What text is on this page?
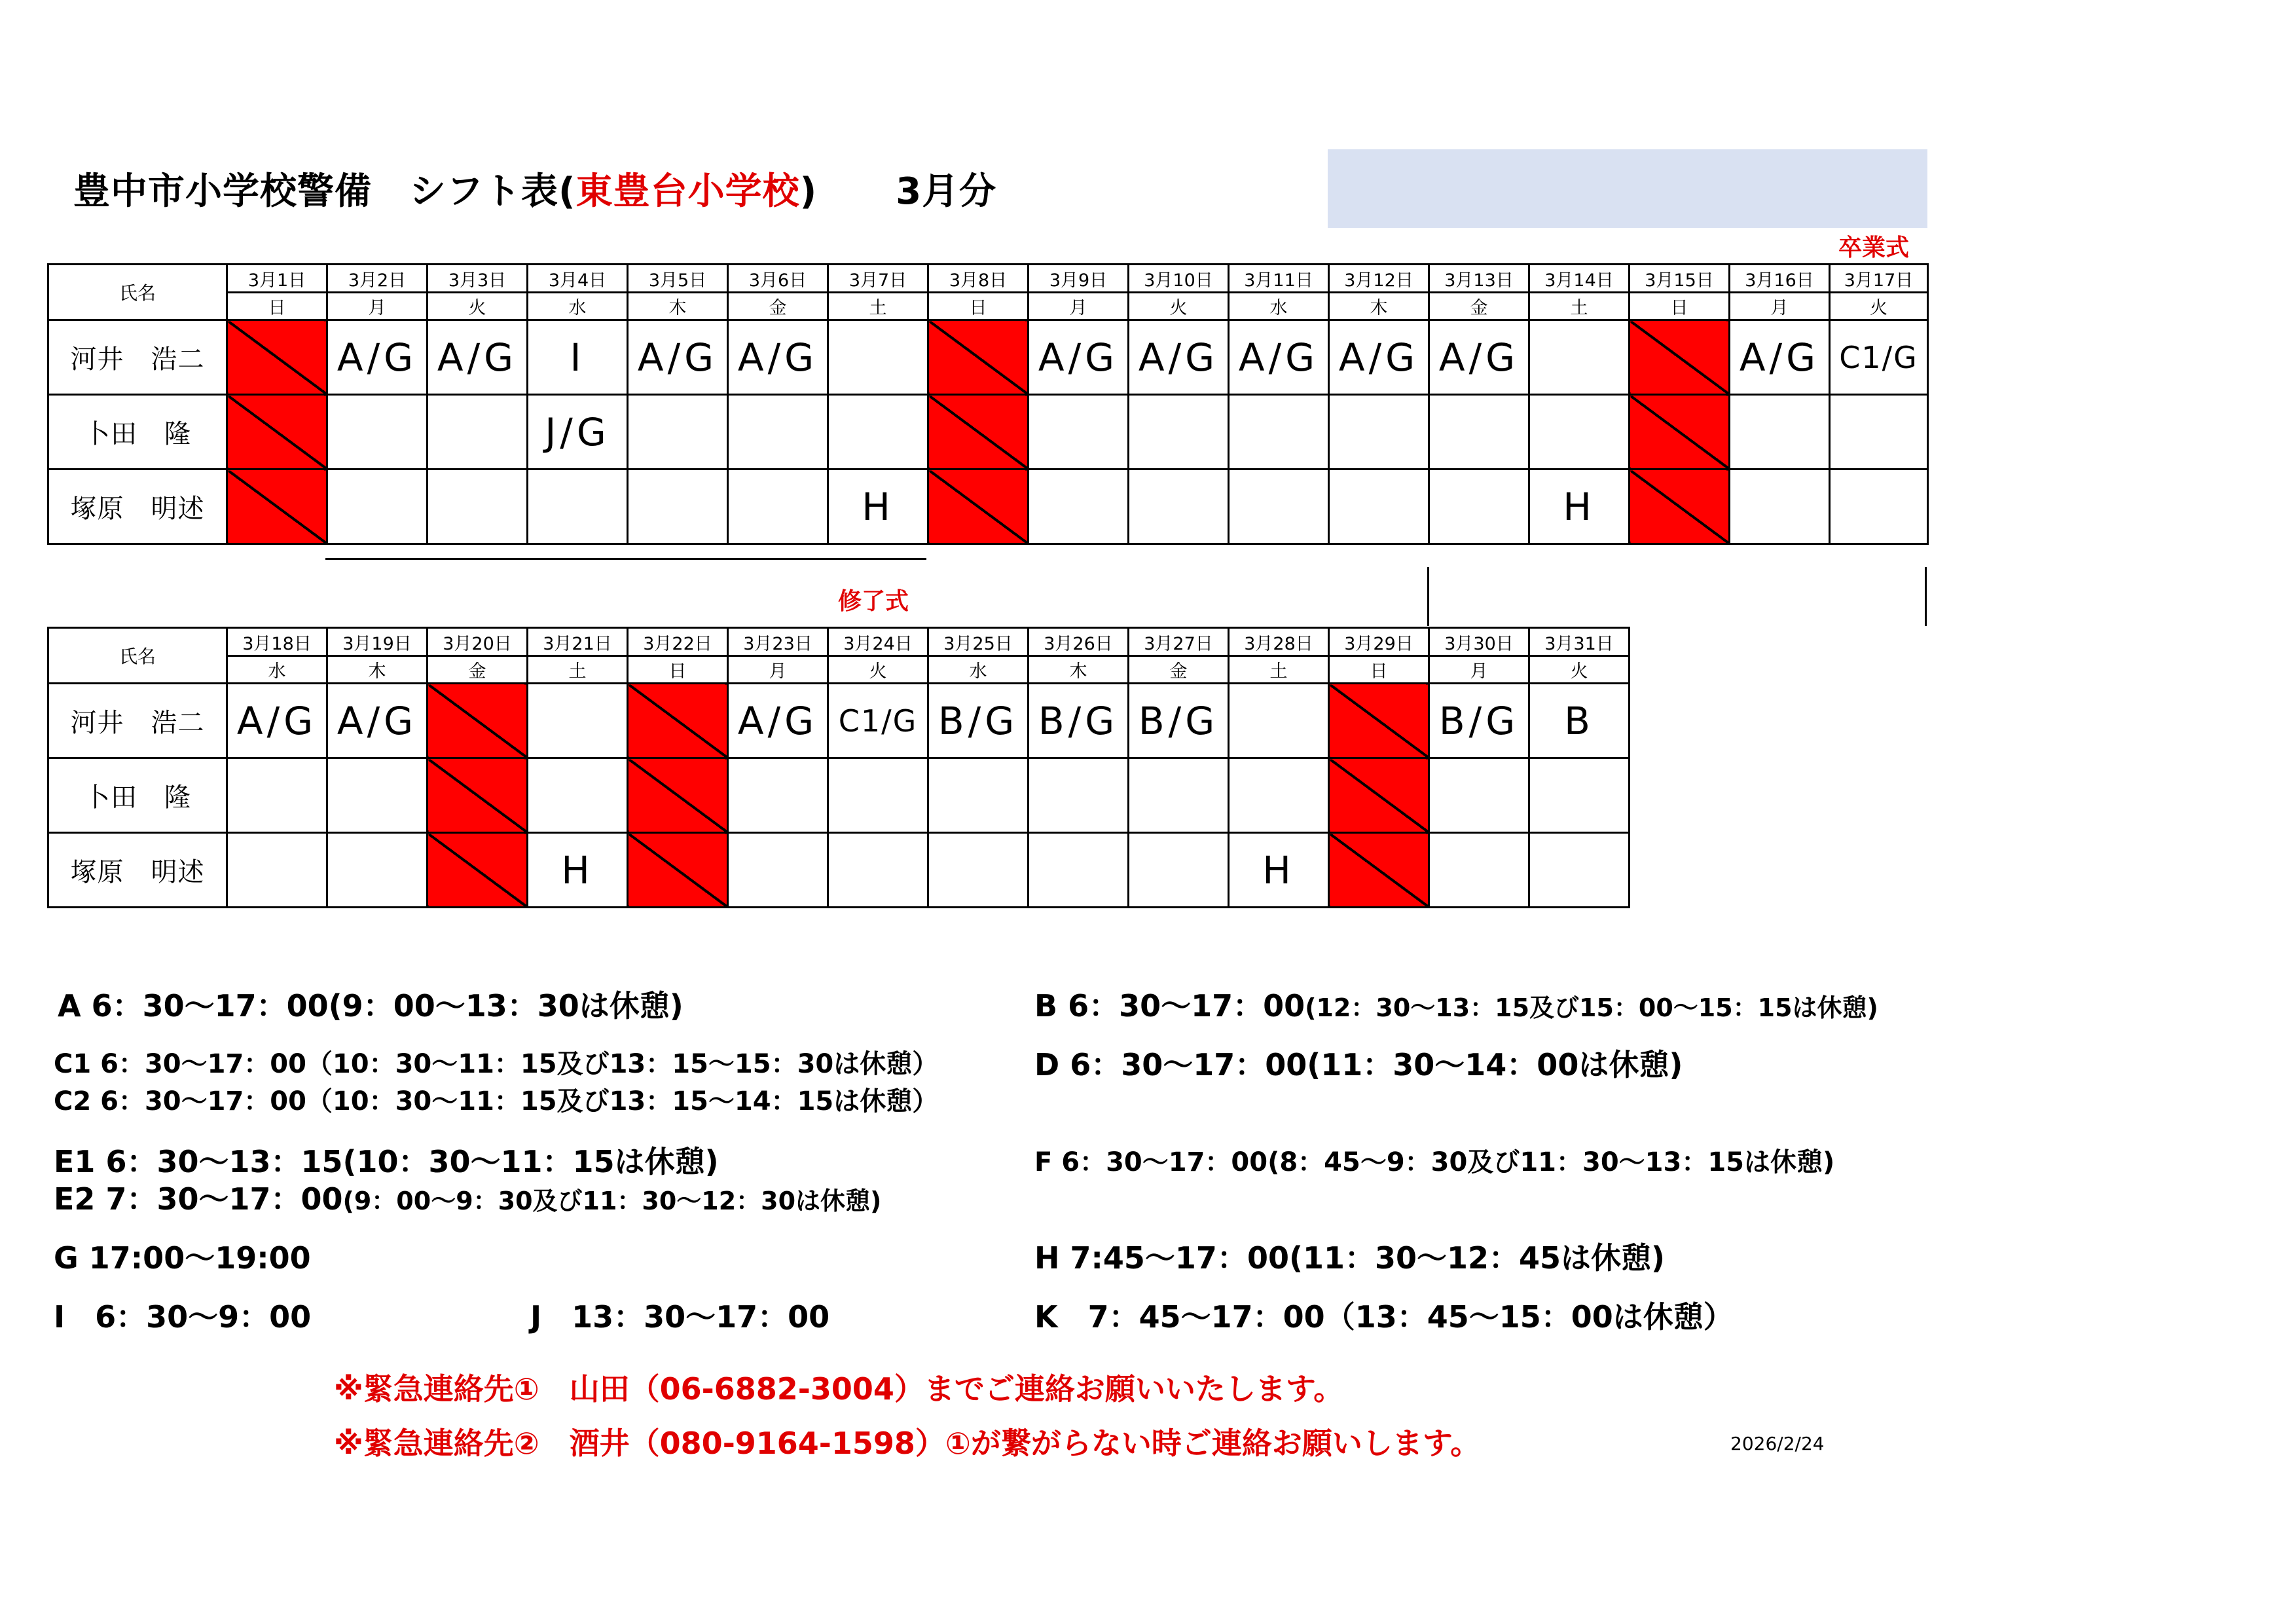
豊中市小学校警備　シフト表(東豊台小学校) 3月分
卒業式
氏名	3月1日	3月2日	3月3日	3月4日	3月5日	3月6日	3月7日	3月8日	3月9日	3月10日	3月11日	3月12日	3月13日	3月14日	3月15日	3月16日	3月17日
	日	月	火	水	木	金	土	日	月	火	水	木	金	土	日	月	火
河井　浩二		A/G	A/G	I	A/G	A/G			A/G	A/G	A/G	A/G	A/G			A/G	C1/G
卜田　隆				J/G													
塚原　明述							H							H			
修了式
氏名	3月18日	3月19日	3月20日	3月21日	3月22日	3月23日	3月24日	3月25日	3月26日	3月27日	3月28日	3月29日	3月30日	3月31日
	水	木	金	土	日	月	火	水	木	金	土	日	月	火
河井　浩二	A/G	A/G				A/G	C1/G	B/G	B/G	B/G			B/G	B
卜田　隆														
塚原　明述				H							H			
A 6：30～17：00(9：00～13：30は休憩)	B 6：30～17：00(12：30～13：15及び15：00～15：15は休憩)
C1 6：30～17：00（10：30～11：15及び13：15～15：30は休憩）	D 6：30～17：00(11：30～14：00は休憩)
C2 6：30～17：00（10：30～11：15及び13：15～14：15は休憩）
E1 6：30～13：15(10：30～11：15は休憩)	F 6：30～17：00(8：45～9：30及び11：30～13：15は休憩)
E2 7：30～17：00(9：00～9：30及び11：30～12：30は休憩)
G 17:00～19:00	H 7:45～17：00(11：30～12：45は休憩)
I　6：30～9：00	J　13：30～17：00	K　7：45～17：00（13：45～15：00は休憩）
※緊急連絡先①　山田（06-6882-3004）までご連絡お願いいたします。
※緊急連絡先②　酒井（080-9164-1598）①が繋がらない時ご連絡お願いします。	2026/2/24
